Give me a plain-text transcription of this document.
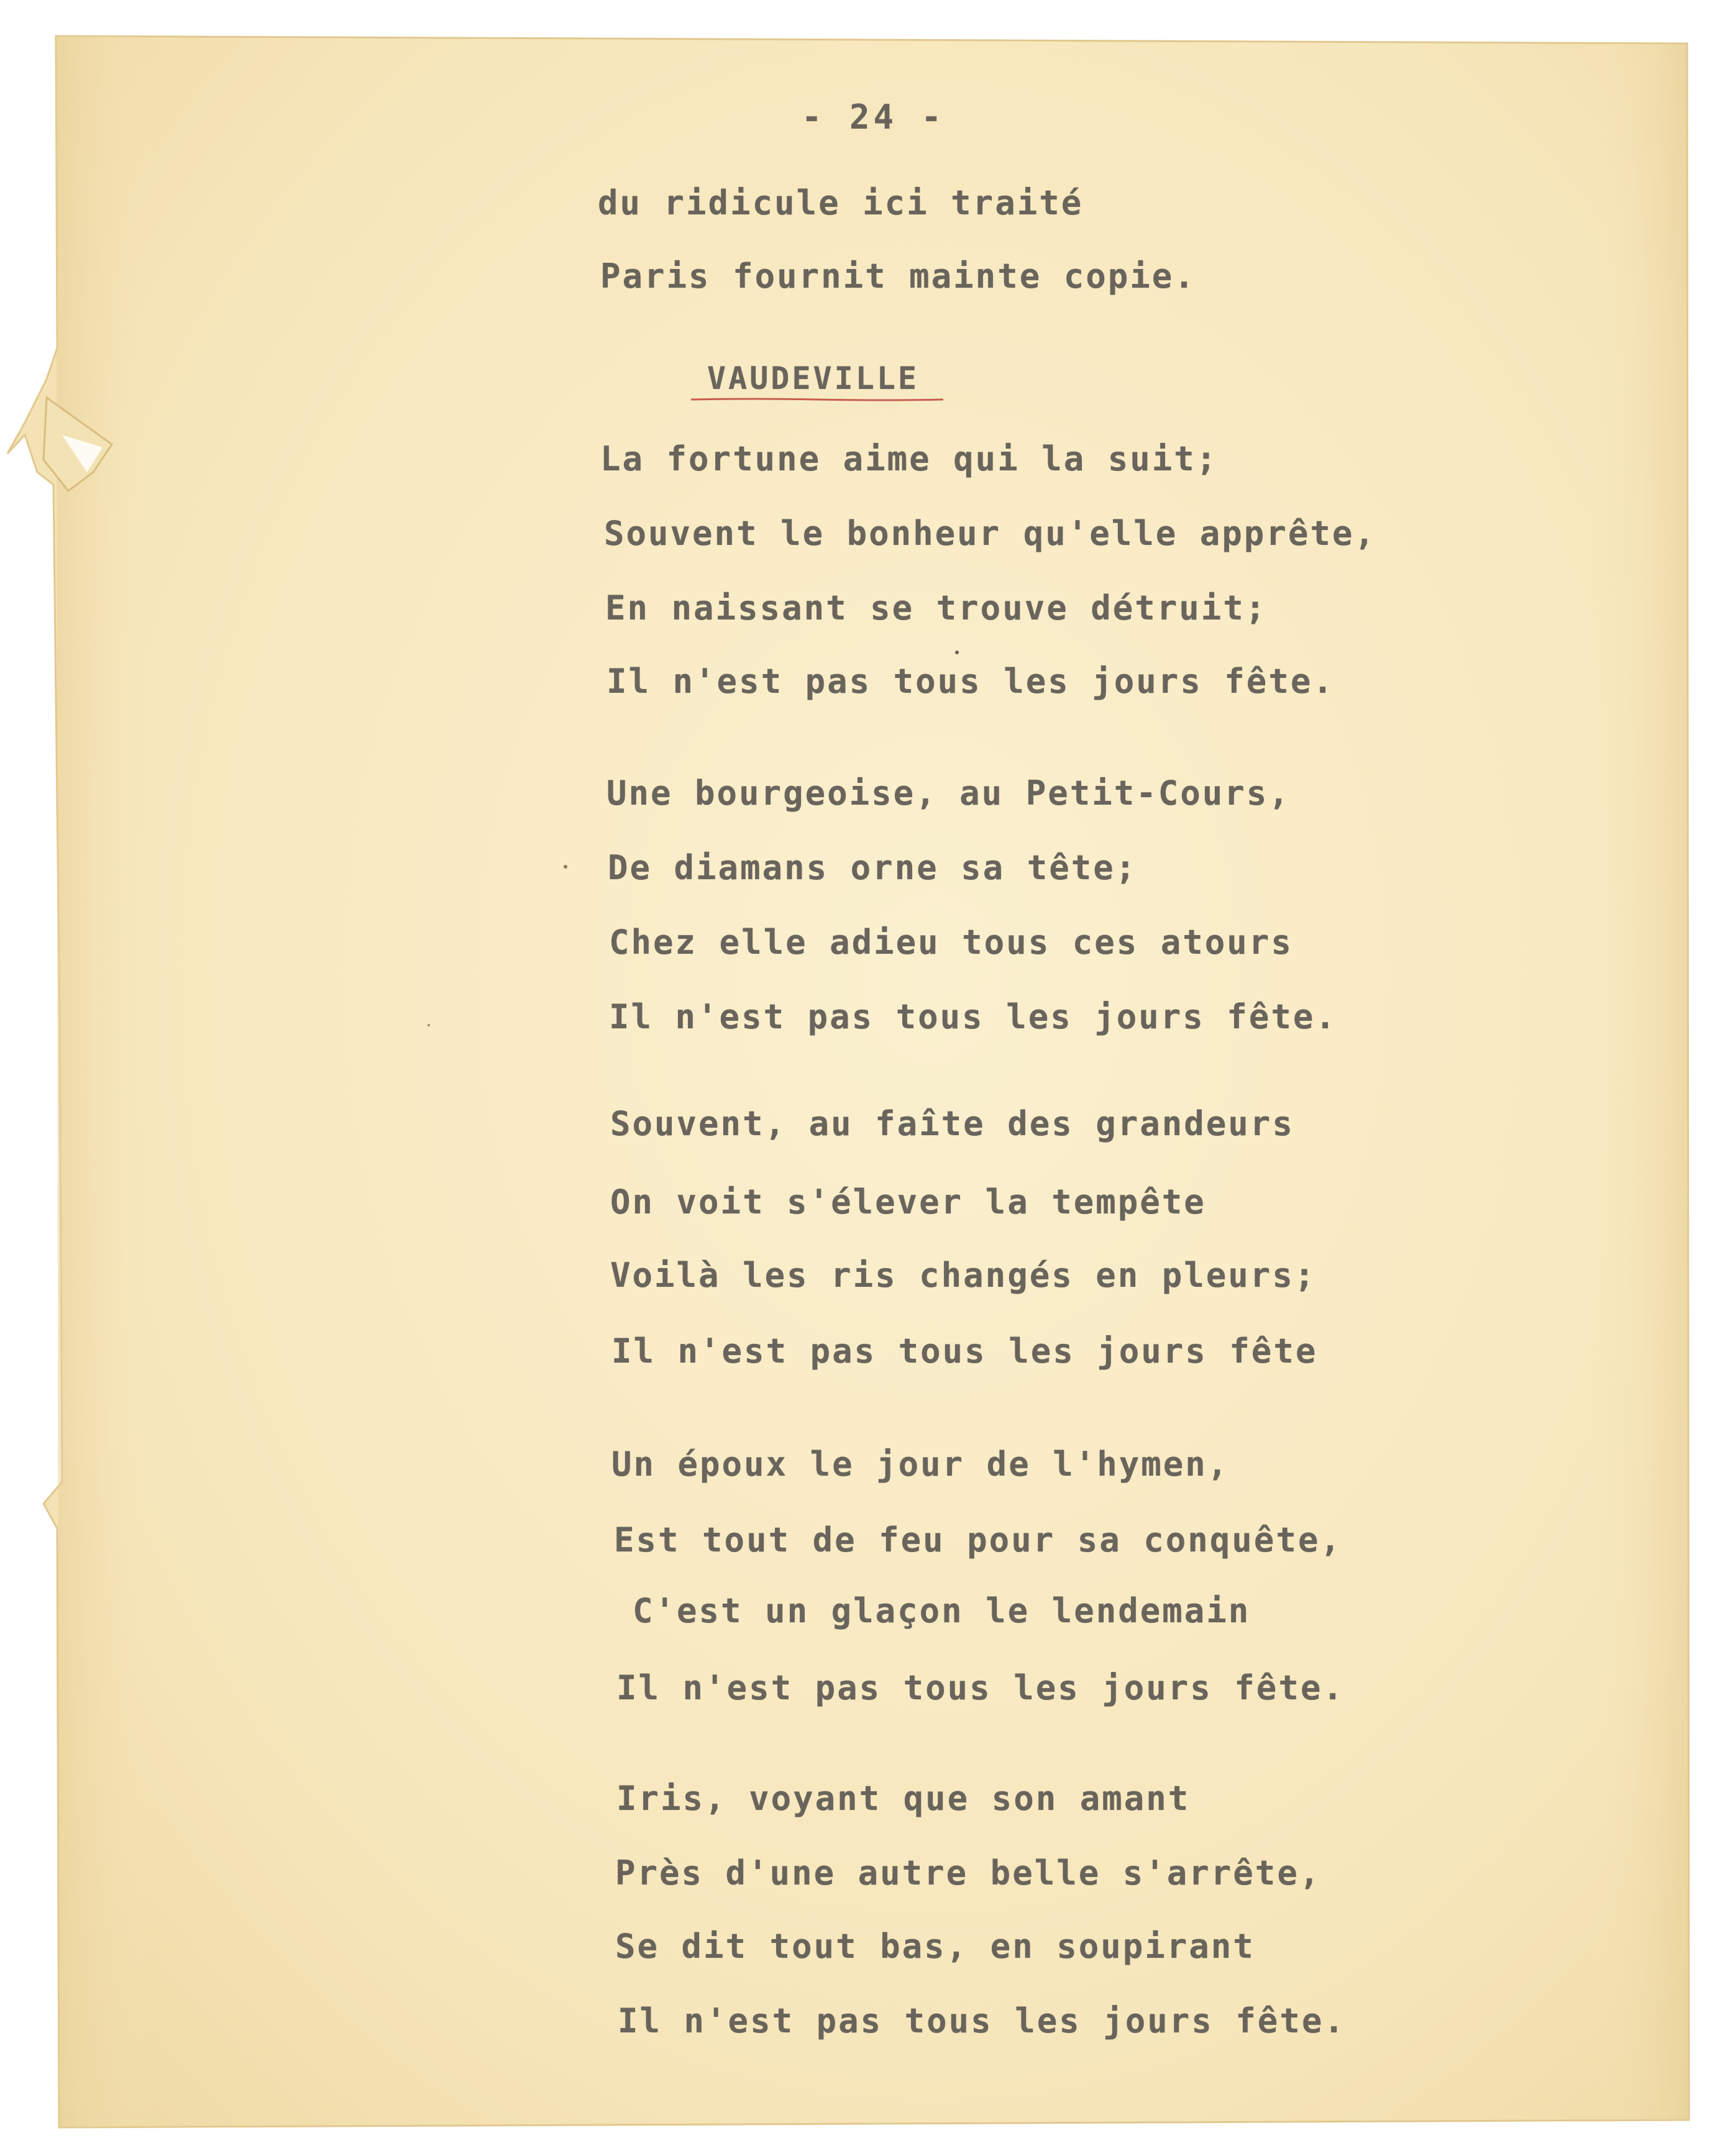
- 24 -
du ridicule ici traité
Paris fournit mainte copie.
VAUDEVILLE
La fortune aime qui la suit;
Souvent le bonheur qu'elle apprête,
En naissant se trouve détruit;
Il n'est pas tous les jours fête.
Une bourgeoise, au Petit-Cours,
De diamans orne sa tête;
Chez elle adieu tous ces atours
Il n'est pas tous les jours fête.
Souvent, au faîte des grandeurs
On voit s'élever la tempête
Voilà les ris changés en pleurs;
Il n'est pas tous les jours fête
Un époux le jour de l'hymen,
Est tout de feu pour sa conquête,
C'est un glaçon le lendemain
Il n'est pas tous les jours fête.
Iris, voyant que son amant
Près d'une autre belle s'arrête,
Se dit tout bas, en soupirant
Il n'est pas tous les jours fête.
